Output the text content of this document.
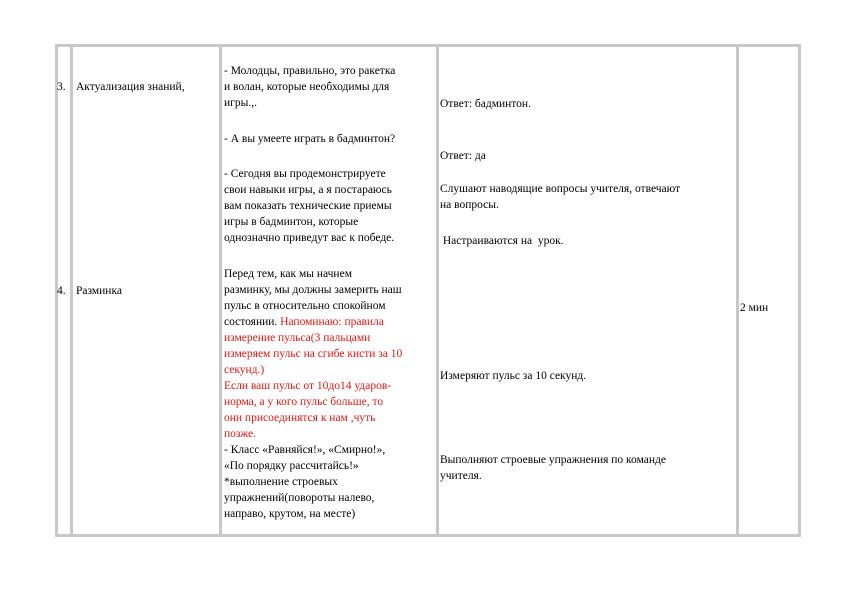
3.
4.
Актуализация знаний,
Разминка
- Молодцы, правильно, это ракетка
и волан, которые необходимы для
игры.,.
- А вы умеете играть в бадминтон?
- Сегодня вы продемонстрируете
свои навыки игры, а я постараюсь
вам показать технические приемы
игры в бадминтон, которые
однозначно приведут вас к победе.
Перед тем, как мы начнем
разминку, мы должны замерить наш
пульс в относительно спокойном
состоянии. Напоминаю: правила
измерение пульса(3 пальцами
измеряем пульс на сгибе кисти за 10
секунд.)
Если ваш пульс от 10до14 ударов-
норма, а у кого пульс больше, то
они присоединятся к нам ,чуть
позже.
- Класс «Равняйся!», «Смирно!»,
«По порядку рассчитайсь!»
*выполнение строевых
упражнений(повороты налево,
направо, крутом, на месте)
Ответ: бадминтон.
Ответ: да
Слушают наводящие вопросы учителя, отвечают
на вопросы.
Настраиваются на  урок.
Измеряют пульс за 10 секунд.
Выполняют строевые упражнения по команде
учителя.
2 мин
